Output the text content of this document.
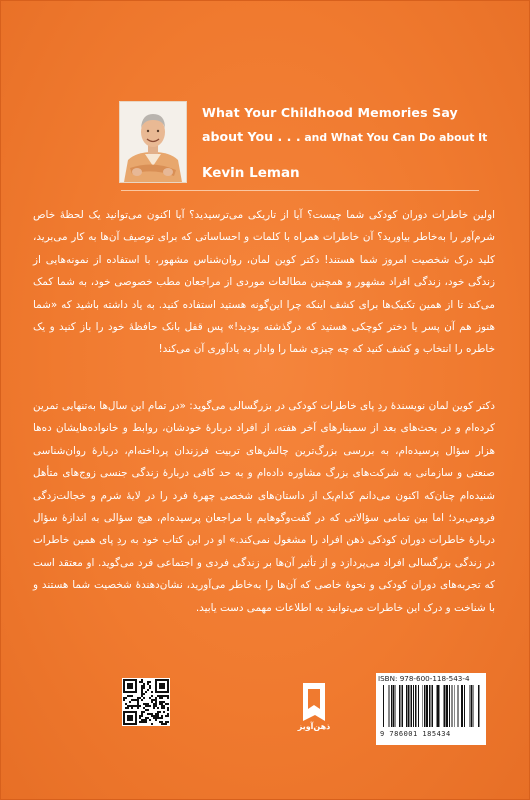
What Your Childhood Memories Say
about You . . . and What You Can Do about It
Kevin Leman
اولین خاطرات دوران کودکی شما چیست؟ آیا از تاریکی می‌ترسیدید؟ آیا اکنون می‌توانید یک لحظهٔ خاص شرم‌آور را به‌خاطر بیاورید؟ آن خاطرات همراه با کلمات و احساساتی که برای توصیف آن‌ها به کار می‌برید، کلید درک شخصیت امروز شما هستند! دکتر کوین لمان، روان‌شناس مشهور، با استفاده از نمونه‌هایی از زندگی خود، زندگی افراد مشهور و همچنین مطالعات موردی از مراجعان مطب خصوصی خود، به شما کمک می‌کند تا از همین تکنیک‌ها برای کشف اینکه چرا این‌گونه هستید استفاده کنید. به یاد داشته باشید که «شما هنوز هم آن پسر یا دختر کوچکی هستید که درگذشته بودید!» پس قفل بانک حافظهٔ خود را باز کنید و یک خاطره را انتخاب و کشف کنید که چه چیزی شما را وادار به یادآوری آن می‌کند!
دکتر کوین لمان نویسندهٔ ردِ پای خاطرات کودکی در بزرگسالی می‌گوید: «در تمام این سال‌ها به‌تنهایی تمرین کرده‌ام و در بحث‌های بعد از سمینارهای آخر هفته، از افراد دربارهٔ خودشان، روابط و خانواده‌هایشان ده‌ها هزار سؤال پرسیده‌ام، به بررسی بزرگ‌ترین چالش‌های تربیت فرزندان پرداخته‌ام، دربارهٔ روان‌شناسی صنعتی و سازمانی به شرکت‌های بزرگ مشاوره داده‌ام و به حد کافی دربارهٔ زندگی جنسی زوج‌های متأهل شنیده‌ام چنان‌که اکنون می‌دانم کدام‌یک از داستان‌های شخصی چهرهٔ فرد را در لایهٔ شرم و خجالت‌زدگی فرومی‌برد؛ اما بین تمامی سؤالاتی که در گفت‌وگوهایم با مراجعان پرسیده‌ام، هیچ سؤالی به اندازهٔ سؤال دربارهٔ خاطرات دوران کودکی ذهن افراد را مشغول نمی‌کند.» او در این کتاب خود به ردِ پای همین خاطرات در زندگی بزرگسالی افراد می‌پردازد و از تأثیر آن‌ها بر زندگی فردی و اجتماعی فرد می‌گوید. او معتقد است که تجربه‌های دوران کودکی و نحوهٔ خاصی که آن‌ها را به‌خاطر می‌آورید، نشان‌دهندهٔ شخصیت شما هستند و با شناخت و درک این خاطرات می‌توانید به اطلاعات مهمی دست یابید.
ذهن‌آویز
ISBN: 978-600-118-543-4
9 786001 185434
